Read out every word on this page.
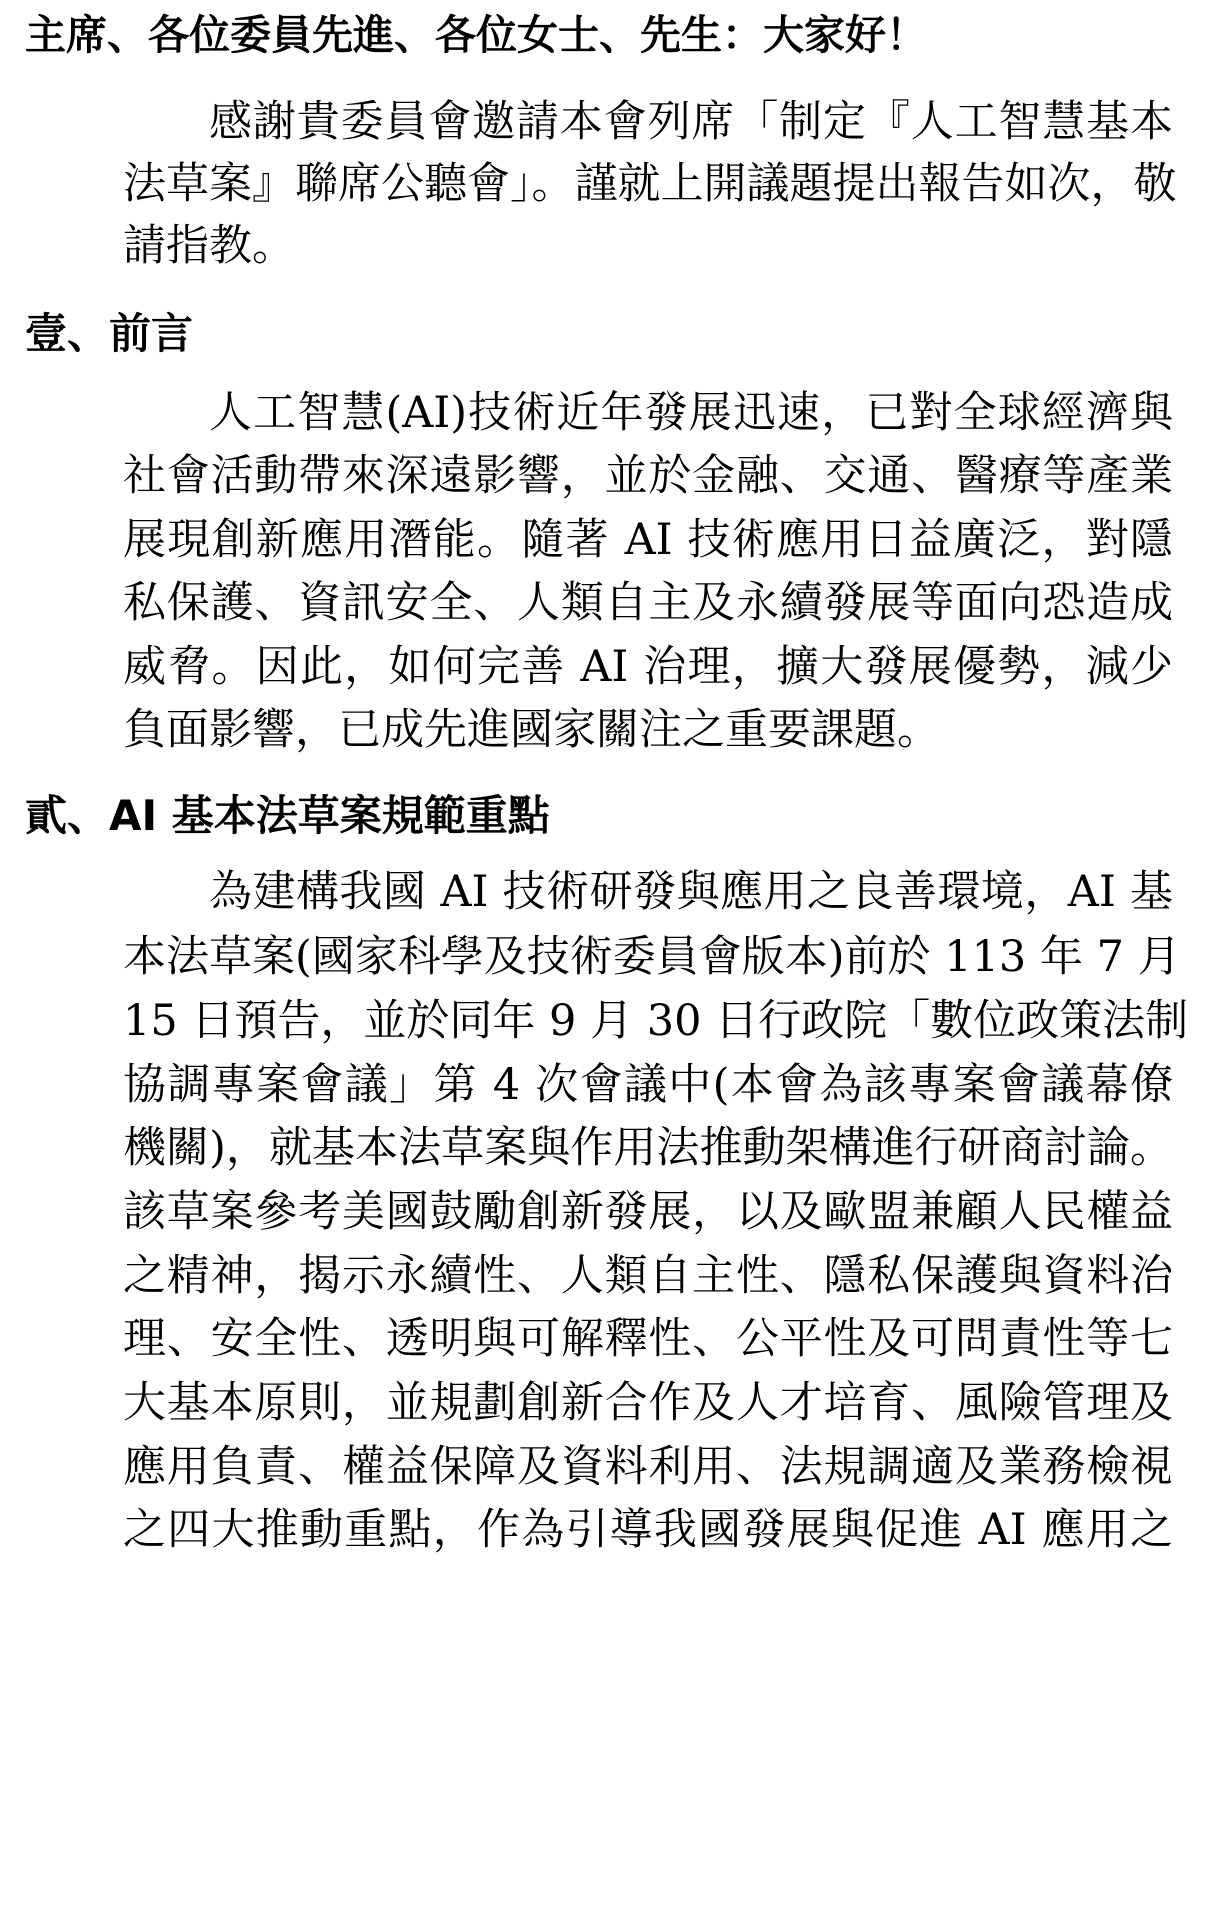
主席、各位委員先進、各位女士、先生：大家好！
感謝貴委員會邀請本會列席「制定『人工智慧基本
法草案』聯席公聽會」。謹就上開議題提出報告如次，敬
請指教。
壹、前言
人工智慧(AI)技術近年發展迅速，已對全球經濟與
社會活動帶來深遠影響，並於金融、交通、醫療等產業
展現創新應用潛能。隨著 AI 技術應用日益廣泛，對隱
私保護、資訊安全、人類自主及永續發展等面向恐造成
威脅。因此，如何完善 AI 治理，擴大發展優勢，減少
負面影響，已成先進國家關注之重要課題。
貳、AI 基本法草案規範重點
為建構我國 AI 技術研發與應用之良善環境，AI 基
本法草案(國家科學及技術委員會版本)前於 113 年 7 月
15 日預告，並於同年 9 月 30 日行政院「數位政策法制
協調專案會議」第 4 次會議中(本會為該專案會議幕僚
機關)，就基本法草案與作用法推動架構進行研商討論。
該草案參考美國鼓勵創新發展，以及歐盟兼顧人民權益
之精神，揭示永續性、人類自主性、隱私保護與資料治
理、安全性、透明與可解釋性、公平性及可問責性等七
大基本原則，並規劃創新合作及人才培育、風險管理及
應用負責、權益保障及資料利用、法規調適及業務檢視
之四大推動重點，作為引導我國發展與促進 AI 應用之
